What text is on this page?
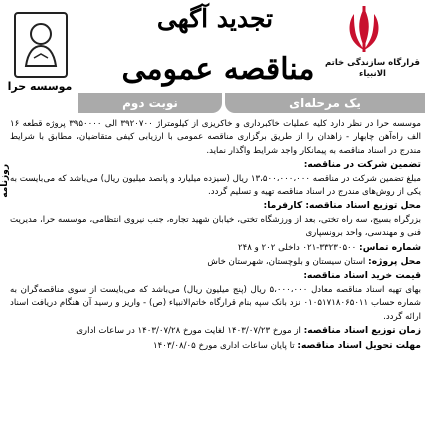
قرارگاه سازندگی خاتم الانبیاء
تجدید آگهی
مناقصه عمومی
موسسه حرا
یک مرحله‌ای
نوبت دوم
روزنامه

موسسه حرا در نظر دارد کلیه عملیات خاکبرداری و خاکریزی از کیلومتراژ ۳۹۲۰۷۰۰ الی ۳۹۵۰۰۰۰ پروژه قطعه ۱۶ الف راه‌آهن چابهار - زاهدان را از طریق برگزاری مناقصه عمومی با ارزیابی کیفی متقاضیان، مطابق با شرایط مندرج در اسناد مناقصه به پیمانکار واجد شرایط واگذار نماید.

تضمین شرکت در مناقصه:
مبلغ تضمین شرکت در مناقصه ۱۳،۵۰۰،۰۰۰،۰۰۰ ریال (سیزده میلیارد و پانصد میلیون ریال) می‌باشد که می‌بایست به یکی از روش‌های مندرج در اسناد مناقصه تهیه و تسلیم گردد.

محل توزیع اسناد مناقصه: کارفرما:
بزرگراه بسیج، سه راه تختی، بعد از ورزشگاه تختی، خیابان شهید تجاره، جنب نیروی انتظامی، موسسه حرا، مدیریت فنی و مهندسی، واحد برونسپاری

شماره تماس: ۳۳۲۳۰۵۰۰-۰۲۱ داخلی ۲۰۲ و ۲۴۸

محل پروژه: استان سیستان و بلوچستان، شهرستان خاش

قیمت خرید اسناد مناقصه:
بهای تهیه اسناد مناقصه معادل ۵،۰۰۰،۰۰۰ ریال (پنج میلیون ریال) می‌باشد که می‌بایست از سوی مناقصه‌گران به شماره حساب ۰۱۰۵۱۷۱۸۰۶۵۰۱۱ نزد بانک سپه بنام قرارگاه خاتم‌الانبیاء (ص) - واریز و رسید آن هنگام دریافت اسناد ارائه گردد.

زمان توزیع اسناد مناقصه: از مورخ ۱۴۰۳/۰۷/۲۳ لغایت مورخ ۱۴۰۳/۰۷/۲۸ در ساعات اداری

مهلت تحویل اسناد مناقصه: تا پایان ساعات اداری مورخ ۱۴۰۳/۰۸/۰۵
